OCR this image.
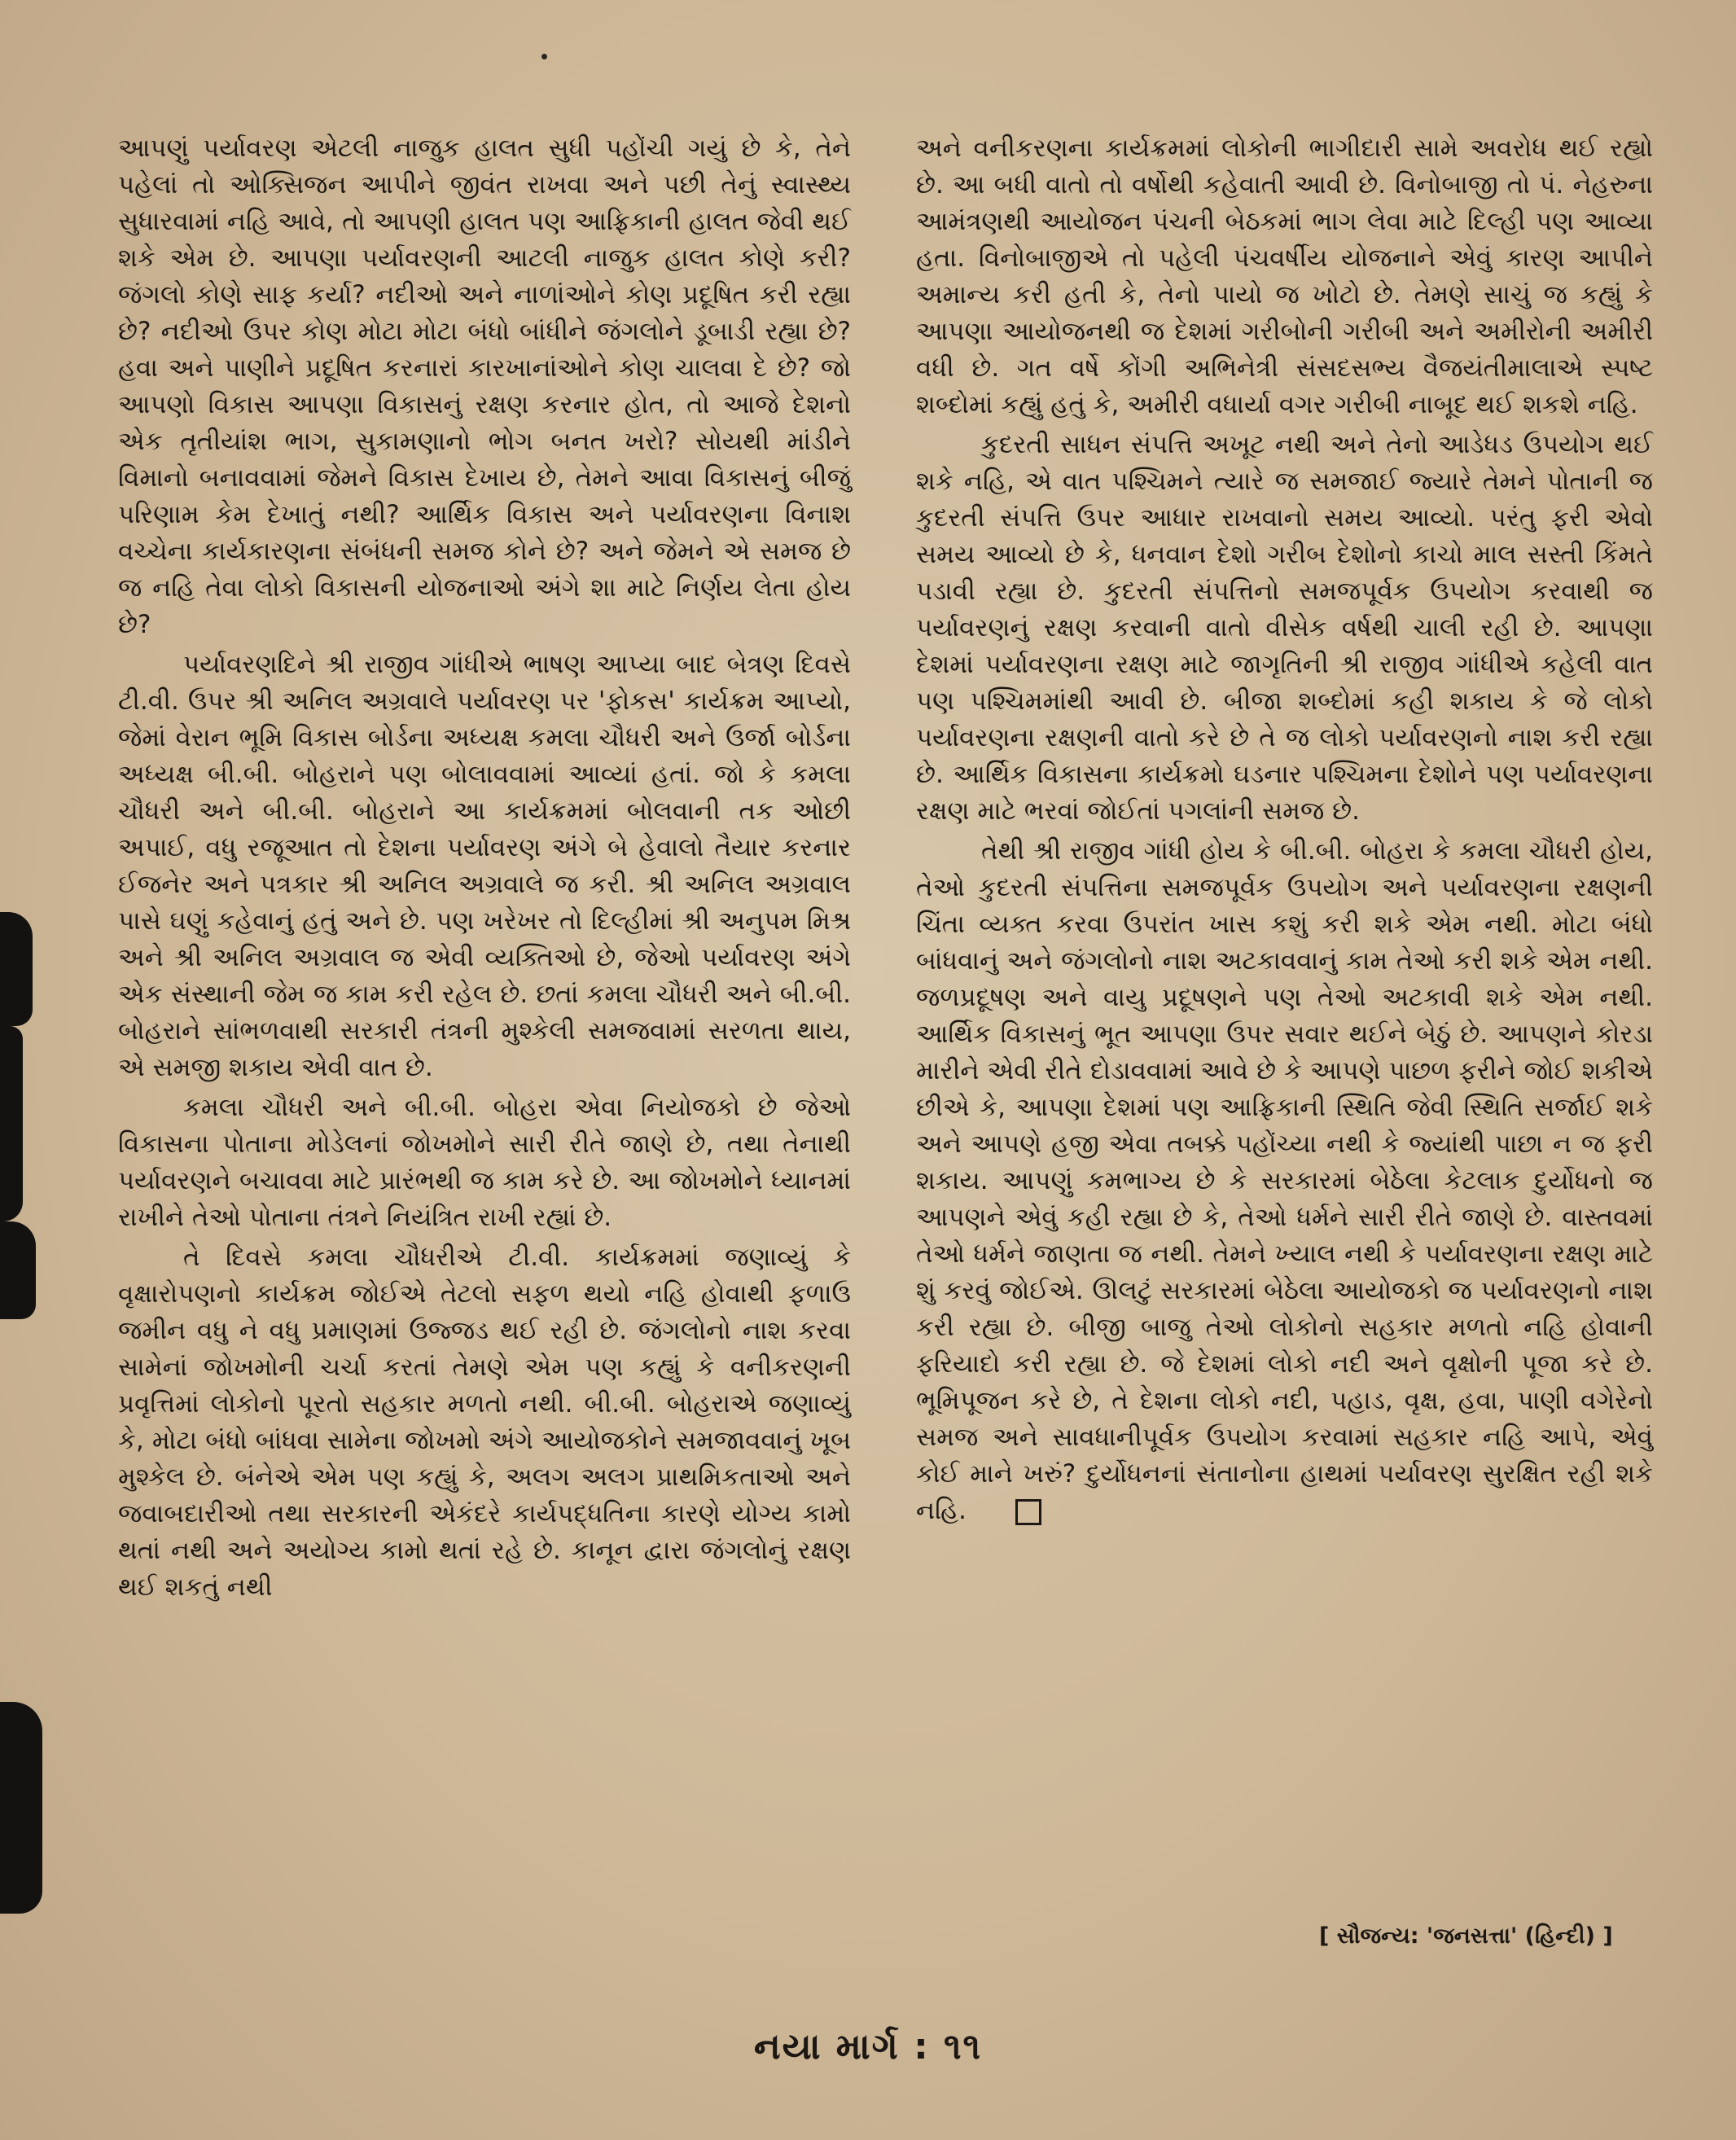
આપણું પર્યાવરણ એટલી નાજુક હાલત સુધી પહોંચી ગયું છે કે, તેને પહેલાં તો ઓક્સિજન આપીને જીવંત રાખવા અને પછી તેનું સ્વાસ્થ્ય સુધારવામાં નહિ આવે, તો આપણી હાલત પણ આફ્રિકાની હાલત જેવી થઈ શકે એમ છે. આપણા પર્યાવરણની આટલી નાજુક હાલત કોણે કરી? જંગલો કોણે સાફ કર્યા? નદીઓ અને નાળાંઓને કોણ પ્રદૂષિત કરી રહ્યા છે? નદીઓ ઉપર કોણ મોટા મોટા બંધો બાંધીને જંગલોને ડૂબાડી રહ્યા છે? હવા અને પાણીને પ્રદૂષિત કરનારાં કારખાનાંઓને કોણ ચાલવા દે છે? જો આપણો વિકાસ આપણા વિકાસનું રક્ષણ કરનાર હોત, તો આજે દેશનો એક તૃતીયાંશ ભાગ, સુકામણાનો ભોગ બનત ખરો? સોયથી માંડીને વિમાનો બનાવવામાં જેમને વિકાસ દેખાય છે, તેમને આવા વિકાસનું બીજું પરિણામ કેમ દેખાતું નથી? આર્થિક વિકાસ અને પર્યાવરણના વિનાશ વચ્ચેના કાર્યકારણના સંબંધની સમજ કોને છે? અને જેમને એ સમજ છે જ નહિ તેવા લોકો વિકાસની યોજનાઓ અંગે શા માટે નિર્ણય લેતા હોય છે?

પર્યાવરણદિને શ્રી રાજીવ ગાંધીએ ભાષણ આપ્યા બાદ બેત્રણ દિવસે ટી.વી. ઉપર શ્રી અનિલ અગ્રવાલે પર્યાવરણ પર 'ફોકસ' કાર્યક્રમ આપ્યો, જેમાં વેરાન ભૂમિ વિકાસ બોર્ડના અધ્યક્ષ કમલા ચૌધરી અને ઉર્જા બોર્ડના અધ્યક્ષ બી.બી. બોહરાને પણ બોલાવવામાં આવ્યાં હતાં. જો કે કમલા ચૌધરી અને બી.બી. બોહરાને આ કાર્યક્રમમાં બોલવાની તક ઓછી અપાઈ, વધુ રજૂઆત તો દેશના પર્યાવરણ અંગે બે હેવાલો તૈયાર કરનાર ઈજનેર અને પત્રકાર શ્રી અનિલ અગ્રવાલે જ કરી. શ્રી અનિલ અગ્રવાલ પાસે ઘણું કહેવાનું હતું અને છે. પણ ખરેખર તો દિલ્હીમાં શ્રી અનુપમ મિશ્ર અને શ્રી અનિલ અગ્રવાલ જ એવી વ્યક્તિઓ છે, જેઓ પર્યાવરણ અંગે એક સંસ્થાની જેમ જ કામ કરી રહેલ છે. છતાં કમલા ચૌધરી અને બી.બી. બોહરાને સાંભળવાથી સરકારી તંત્રની મુશ્કેલી સમજવામાં સરળતા થાય, એ સમજી શકાય એવી વાત છે.

કમલા ચૌધરી અને બી.બી. બોહરા એવા નિયોજકો છે જેઓ વિકાસના પોતાના મોડેલનાં જોખમોને સારી રીતે જાણે છે, તથા તેનાથી પર્યાવરણને બચાવવા માટે પ્રારંભથી જ કામ કરે છે. આ જોખમોને ધ્યાનમાં રાખીને તેઓ પોતાના તંત્રને નિયંત્રિત રાખી રહ્યાં છે.

તે દિવસે કમલા ચૌધરીએ ટી.વી. કાર્યક્રમમાં જણાવ્યું કે વૃક્ષારોપણનો કાર્યક્રમ જોઈએ તેટલો સફળ થયો નહિ હોવાથી ફળાઉ જમીન વધુ ને વધુ પ્રમાણમાં ઉજ્જડ થઈ રહી છે. જંગલોનો નાશ કરવા સામેનાં જોખમોની ચર્ચા કરતાં તેમણે એમ પણ કહ્યું કે વનીકરણની પ્રવૃત્તિમાં લોકોનો પૂરતો સહકાર મળતો નથી. બી.બી. બોહરાએ જણાવ્યું કે, મોટા બંધો બાંધવા સામેના જોખમો અંગે આયોજકોને સમજાવવાનું ખૂબ મુશ્કેલ છે. બંનેએ એમ પણ કહ્યું કે, અલગ અલગ પ્રાથમિકતાઓ અને જવાબદારીઓ તથા સરકારની એકંદરે કાર્યપદ્ધતિના કારણે યોગ્ય કામો થતાં નથી અને અયોગ્ય કામો થતાં રહે છે. કાનૂન દ્વારા જંગલોનું રક્ષણ થઈ શકતું નથી

અને વનીકરણના કાર્યક્રમમાં લોકોની ભાગીદારી સામે અવરોધ થઈ રહ્યો છે. આ બધી વાતો તો વર્ષોથી કહેવાતી આવી છે. વિનોબાજી તો પં. નેહરુના આમંત્રણથી આયોજન પંચની બેઠકમાં ભાગ લેવા માટે દિલ્હી પણ આવ્યા હતા. વિનોબાજીએ તો પહેલી પંચવર્ષીય યોજનાને એવું કારણ આપીને અમાન્ય કરી હતી કે, તેનો પાયો જ ખોટો છે. તેમણે સાચું જ કહ્યું કે આપણા આયોજનથી જ દેશમાં ગરીબોની ગરીબી અને અમીરોની અમીરી વધી છે. ગત વર્ષે કોંગી અભિનેત્રી સંસદસભ્ય વૈજયંતીમાલાએ સ્પષ્ટ શબ્દોમાં કહ્યું હતું કે, અમીરી વધાર્યા વગર ગરીબી નાબૂદ થઈ શકશે નહિ.

કુદરતી સાધન સંપત્તિ અખૂટ નથી અને તેનો આડેધડ ઉપયોગ થઈ શકે નહિ, એ વાત પશ્ચિમને ત્યારે જ સમજાઈ જ્યારે તેમને પોતાની જ કુદરતી સંપત્તિ ઉપર આધાર રાખવાનો સમય આવ્યો. પરંતુ ફરી એવો સમય આવ્યો છે કે, ધનવાન દેશો ગરીબ દેશોનો કાચો માલ સસ્તી કિંમતે પડાવી રહ્યા છે. કુદરતી સંપત્તિનો સમજપૂર્વક ઉપયોગ કરવાથી જ પર્યાવરણનું રક્ષણ કરવાની વાતો વીસેક વર્ષથી ચાલી રહી છે. આપણા દેશમાં પર્યાવરણના રક્ષણ માટે જાગૃતિની શ્રી રાજીવ ગાંધીએ કહેલી વાત પણ પશ્ચિમમાંથી આવી છે. બીજા શબ્દોમાં કહી શકાય કે જે લોકો પર્યાવરણના રક્ષણની વાતો કરે છે તે જ લોકો પર્યાવરણનો નાશ કરી રહ્યા છે. આર્થિક વિકાસના કાર્યક્રમો ઘડનાર પશ્ચિમના દેશોને પણ પર્યાવરણના રક્ષણ માટે ભરવાં જોઈતાં પગલાંની સમજ છે.

તેથી શ્રી રાજીવ ગાંધી હોય કે બી.બી. બોહરા કે કમલા ચૌધરી હોય, તેઓ કુદરતી સંપત્તિના સમજપૂર્વક ઉપયોગ અને પર્યાવરણના રક્ષણની ચિંતા વ્યક્ત કરવા ઉપરાંત ખાસ કશું કરી શકે એમ નથી. મોટા બંધો બાંધવાનું અને જંગલોનો નાશ અટકાવવાનું કામ તેઓ કરી શકે એમ નથી. જળપ્રદૂષણ અને વાયુ પ્રદૂષણને પણ તેઓ અટકાવી શકે એમ નથી. આર્થિક વિકાસનું ભૂત આપણા ઉપર સવાર થઈને બેઠું છે. આપણને કોરડા મારીને એવી રીતે દોડાવવામાં આવે છે કે આપણે પાછળ ફરીને જોઈ શકીએ છીએ કે, આપણા દેશમાં પણ આફ્રિકાની સ્થિતિ જેવી સ્થિતિ સર્જાઈ શકે અને આપણે હજી એવા તબક્કે પહોંચ્યા નથી કે જ્યાંથી પાછા ન જ ફરી શકાય. આપણું કમભાગ્ય છે કે સરકારમાં બેઠેલા કેટલાક દુર્યોધનો જ આપણને એવું કહી રહ્યા છે કે, તેઓ ધર્મને સારી રીતે જાણે છે. વાસ્તવમાં તેઓ ધર્મને જાણતા જ નથી. તેમને ખ્યાલ નથી કે પર્યાવરણના રક્ષણ માટે શું કરવું જોઈએ. ઊલટું સરકારમાં બેઠેલા આયોજકો જ પર્યાવરણનો નાશ કરી રહ્યા છે. બીજી બાજુ તેઓ લોકોનો સહકાર મળતો નહિ હોવાની ફરિયાદો કરી રહ્યા છે. જે દેશમાં લોકો નદી અને વૃક્ષોની પૂજા કરે છે. ભૂમિપૂજન કરે છે, તે દેશના લોકો નદી, પહાડ, વૃક્ષ, હવા, પાણી વગેરેનો સમજ અને સાવધાનીપૂર્વક ઉપયોગ કરવામાં સહકાર નહિ આપે, એવું કોઈ માને ખરું? દુર્યોધનનાં સંતાનોના હાથમાં પર્યાવરણ સુરક્ષિત રહી શકે નહિ.

[ સૌજન્ય: 'જનસત્તા' (હિન્દી) ]
નયા માર્ગ : ૧૧
